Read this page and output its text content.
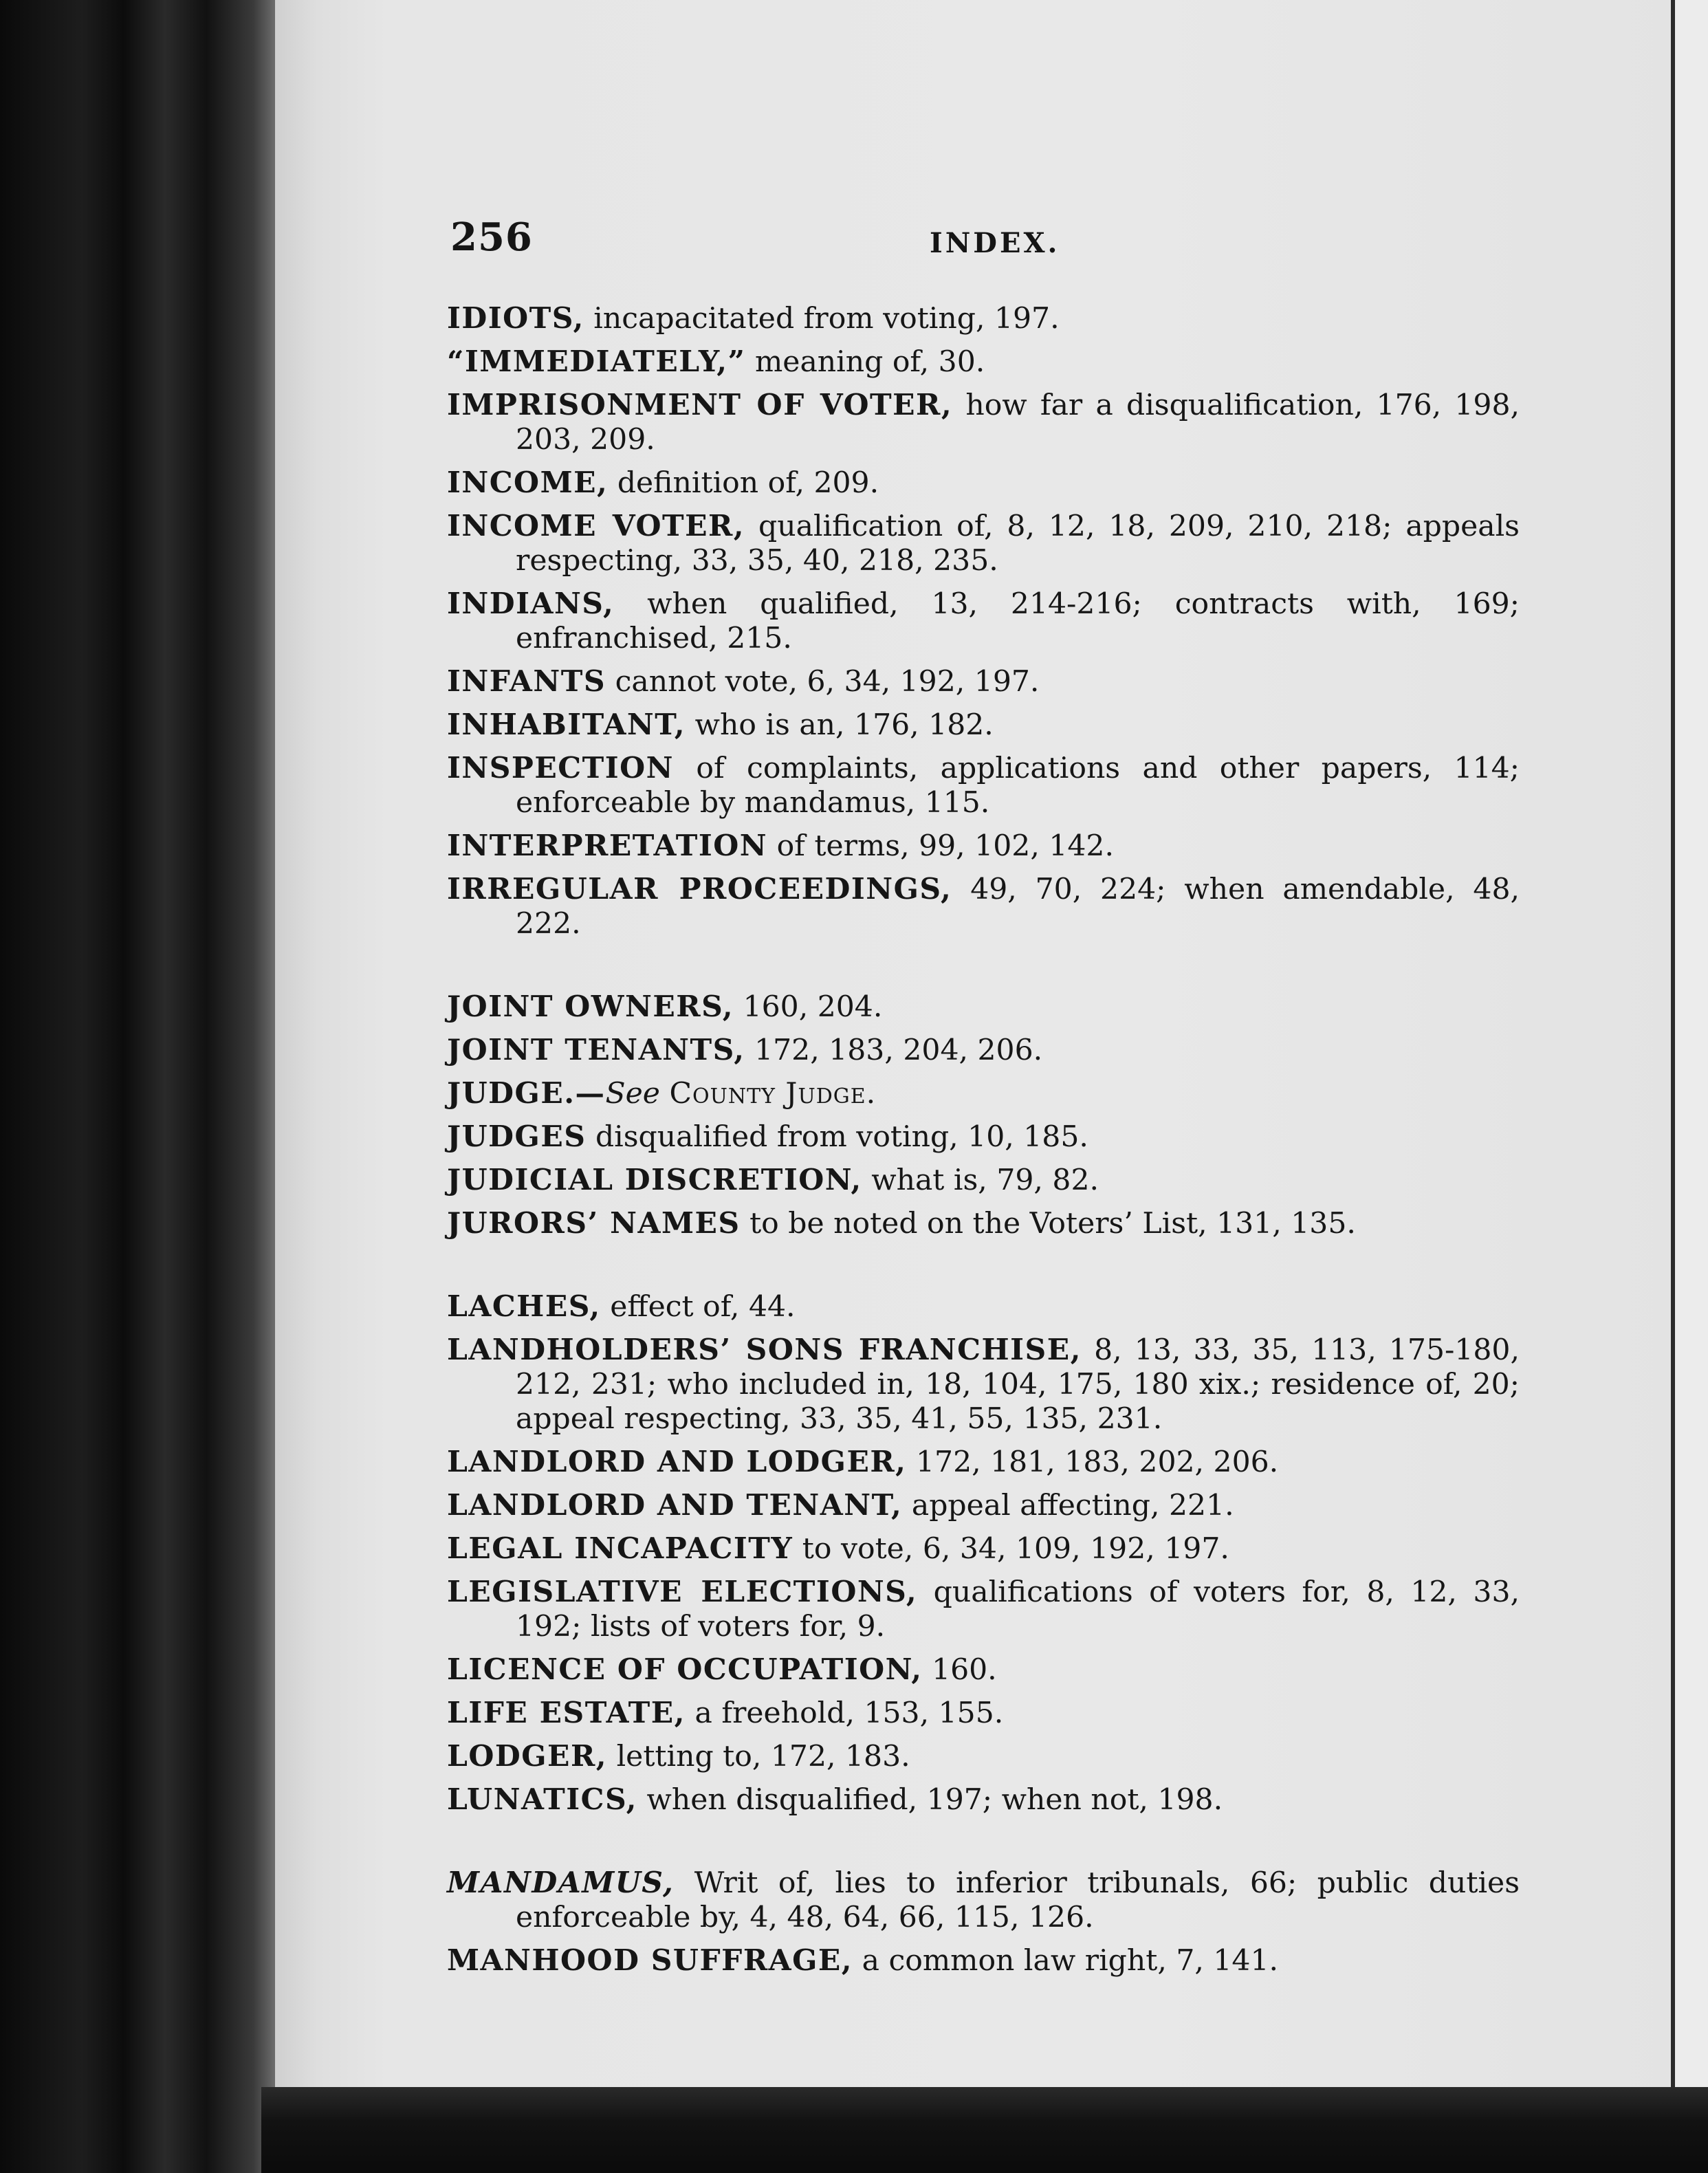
256	INDEX.

IDIOTS, incapacitated from voting, 197.

“IMMEDIATELY,” meaning of, 30.

IMPRISONMENT OF VOTER, how far a disqualification, 176, 198, 203, 209.

INCOME, definition of, 209.

INCOME VOTER, qualification of, 8, 12, 18, 209, 210, 218; appeals respecting, 33, 35, 40, 218, 235.

INDIANS, when qualified, 13, 214-216; contracts with, 169; enfranchised, 215.

INFANTS cannot vote, 6, 34, 192, 197.

INHABITANT, who is an, 176, 182.

INSPECTION of complaints, applications and other papers, 114; enforceable by mandamus, 115.

INTERPRETATION of terms, 99, 102, 142.

IRREGULAR PROCEEDINGS, 49, 70, 224; when amendable, 48, 222.

JOINT OWNERS, 160, 204.

JOINT TENANTS, 172, 183, 204, 206.

JUDGE.—See County Judge.

JUDGES disqualified from voting, 10, 185.

JUDICIAL DISCRETION, what is, 79, 82.

JURORS’ NAMES to be noted on the Voters’ List, 131, 135.

LACHES, effect of, 44.

LANDHOLDERS’ SONS FRANCHISE, 8, 13, 33, 35, 113, 175-180, 212, 231; who included in, 18, 104, 175, 180 xix.; residence of, 20; appeal respecting, 33, 35, 41, 55, 135, 231.

LANDLORD AND LODGER, 172, 181, 183, 202, 206.

LANDLORD AND TENANT, appeal affecting, 221.

LEGAL INCAPACITY to vote, 6, 34, 109, 192, 197.

LEGISLATIVE ELECTIONS, qualifications of voters for, 8, 12, 33, 192; lists of voters for, 9.

LICENCE OF OCCUPATION, 160.

LIFE ESTATE, a freehold, 153, 155.

LODGER, letting to, 172, 183.

LUNATICS, when disqualified, 197; when not, 198.

MANDAMUS, Writ of, lies to inferior tribunals, 66; public duties enforceable by, 4, 48, 64, 66, 115, 126.

MANHOOD SUFFRAGE, a common law right, 7, 141.
